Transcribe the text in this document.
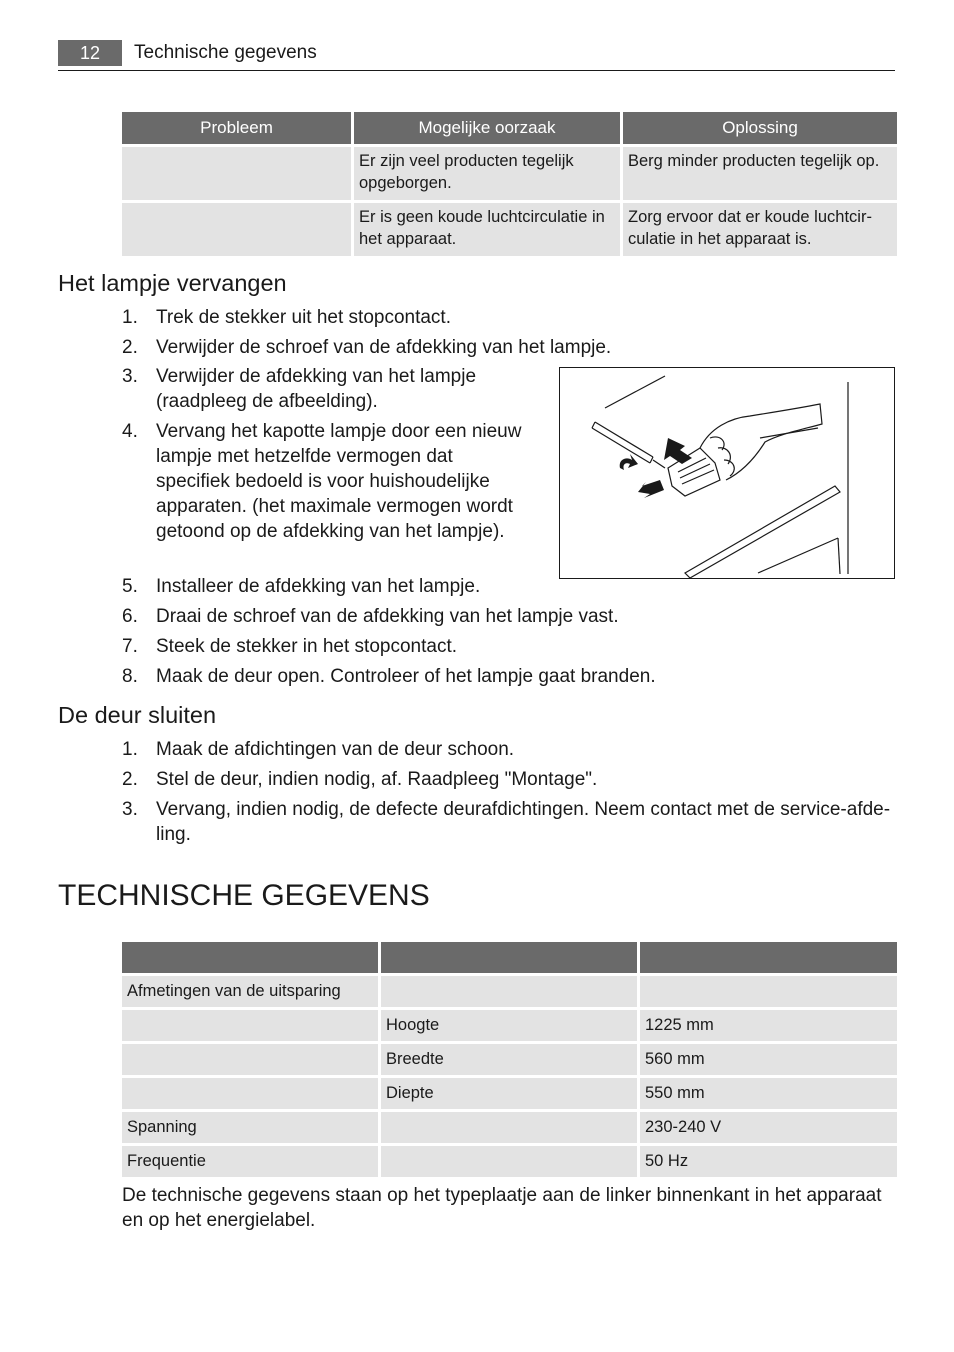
12	Technische gegevens
Probleem	Mogelijke oorzaak	Oplossing
	Er zijn veel producten tegelijk opgeborgen.	Berg minder producten tegelijk op.
	Er is geen koude luchtcirculatie in het apparaat.	Zorg ervoor dat er koude luchtcir-culatie in het apparaat is.
Het lampje vervangen
1. Trek de stekker uit het stopcontact.
2. Verwijder de schroef van de afdekking van het lampje.
3. Verwijder de afdekking van het lampje (raadpleeg de afbeelding).
4. Vervang het kapotte lampje door een nieuw lampje met hetzelfde vermogen dat specifiek bedoeld is voor huishoudelijke apparaten. (het maximale vermogen wordt getoond op de afdekking van het lampje).
5. Installeer de afdekking van het lampje.
6. Draai de schroef van de afdekking van het lampje vast.
7. Steek de stekker in het stopcontact.
8. Maak de deur open. Controleer of het lampje gaat branden.
De deur sluiten
1. Maak de afdichtingen van de deur schoon.
2. Stel de deur, indien nodig, af. Raadpleeg "Montage".
3. Vervang, indien nodig, de defecte deurafdichtingen. Neem contact met de service-afde-ling.
TECHNISCHE GEGEVENS

Afmetingen van de uitsparing		
	Hoogte	1225 mm
	Breedte	560 mm
	Diepte	550 mm
Spanning		230-240 V
Frequentie		50 Hz

De technische gegevens staan op het typeplaatje aan de linker binnenkant in het apparaat en op het energielabel.
